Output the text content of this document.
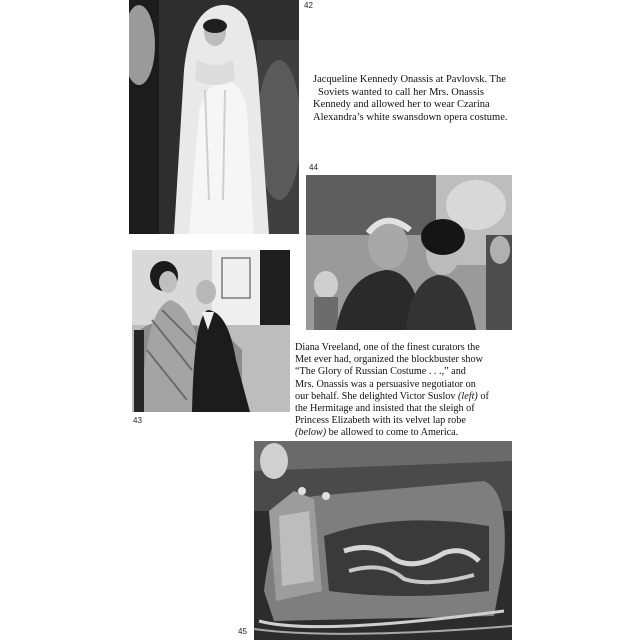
42

Jacqueline Kennedy Onassis at Pavlovsk. The

Soviets wanted to call her Mrs. Onassis

Kennedy and allowed her to wear Czarina

Alexandra’s white swansdown opera costume.

44
43

Diana Vreeland, one of the finest curators the

Met ever had, organized the blockbuster show

“The Glory of Russian Costume . . .,” and

Mrs. Onassis was a persuasive negotiator on

our behalf. She delighted Victor Suslov (left) of

the Hermitage and insisted that the sleigh of

Princess Elizabeth with its velvet lap robe

(below) be allowed to come to America.

45
